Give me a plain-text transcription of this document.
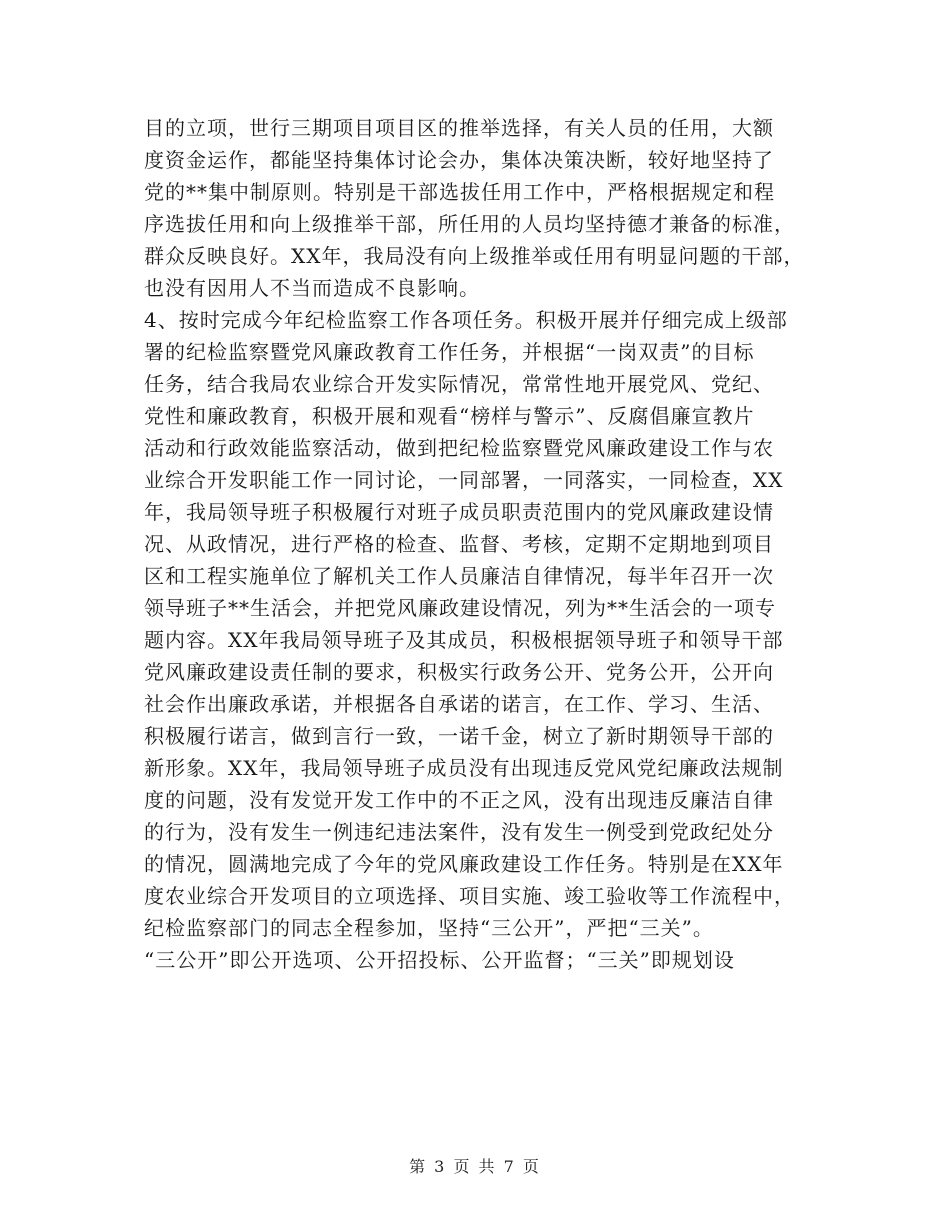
目的立项，世行三期项目项目区的推举选择，有关人员的任用，大额
度资金运作，都能坚持集体讨论会办，集体决策决断，较好地坚持了
党的**集中制原则。特别是干部选拔任用工作中，严格根据规定和程
序选拔任用和向上级推举干部，所任用的人员均坚持德才兼备的标准，
群众反映良好。XX年，我局没有向上级推举或任用有明显问题的干部，
也没有因用人不当而造成不良影响。
4、按时完成今年纪检监察工作各项任务。积极开展并仔细完成上级部
署的纪检监察暨党风廉政教育工作任务，并根据“一岗双责”的目标
任务，结合我局农业综合开发实际情况，常常性地开展党风、党纪、
党性和廉政教育，积极开展和观看“榜样与警示”、反腐倡廉宣教片
活动和行政效能监察活动，做到把纪检监察暨党风廉政建设工作与农
业综合开发职能工作一同讨论，一同部署，一同落实，一同检查，XX
年，我局领导班子积极履行对班子成员职责范围内的党风廉政建设情
况、从政情况，进行严格的检查、监督、考核，定期不定期地到项目
区和工程实施单位了解机关工作人员廉洁自律情况，每半年召开一次
领导班子**生活会，并把党风廉政建设情况，列为**生活会的一项专
题内容。XX年我局领导班子及其成员，积极根据领导班子和领导干部
党风廉政建设责任制的要求，积极实行政务公开、党务公开，公开向
社会作出廉政承诺，并根据各自承诺的诺言，在工作、学习、生活、
积极履行诺言，做到言行一致，一诺千金，树立了新时期领导干部的
新形象。XX年，我局领导班子成员没有出现违反党风党纪廉政法规制
度的问题，没有发觉开发工作中的不正之风，没有出现违反廉洁自律
的行为，没有发生一例违纪违法案件，没有发生一例受到党政纪处分
的情况，圆满地完成了今年的党风廉政建设工作任务。特别是在XX年
度农业综合开发项目的立项选择、项目实施、竣工验收等工作流程中，
纪检监察部门的同志全程参加，坚持“三公开”，严把“三关”。
“三公开”即公开选项、公开招投标、公开监督；“三关”即规划设
第 3 页 共 7 页
